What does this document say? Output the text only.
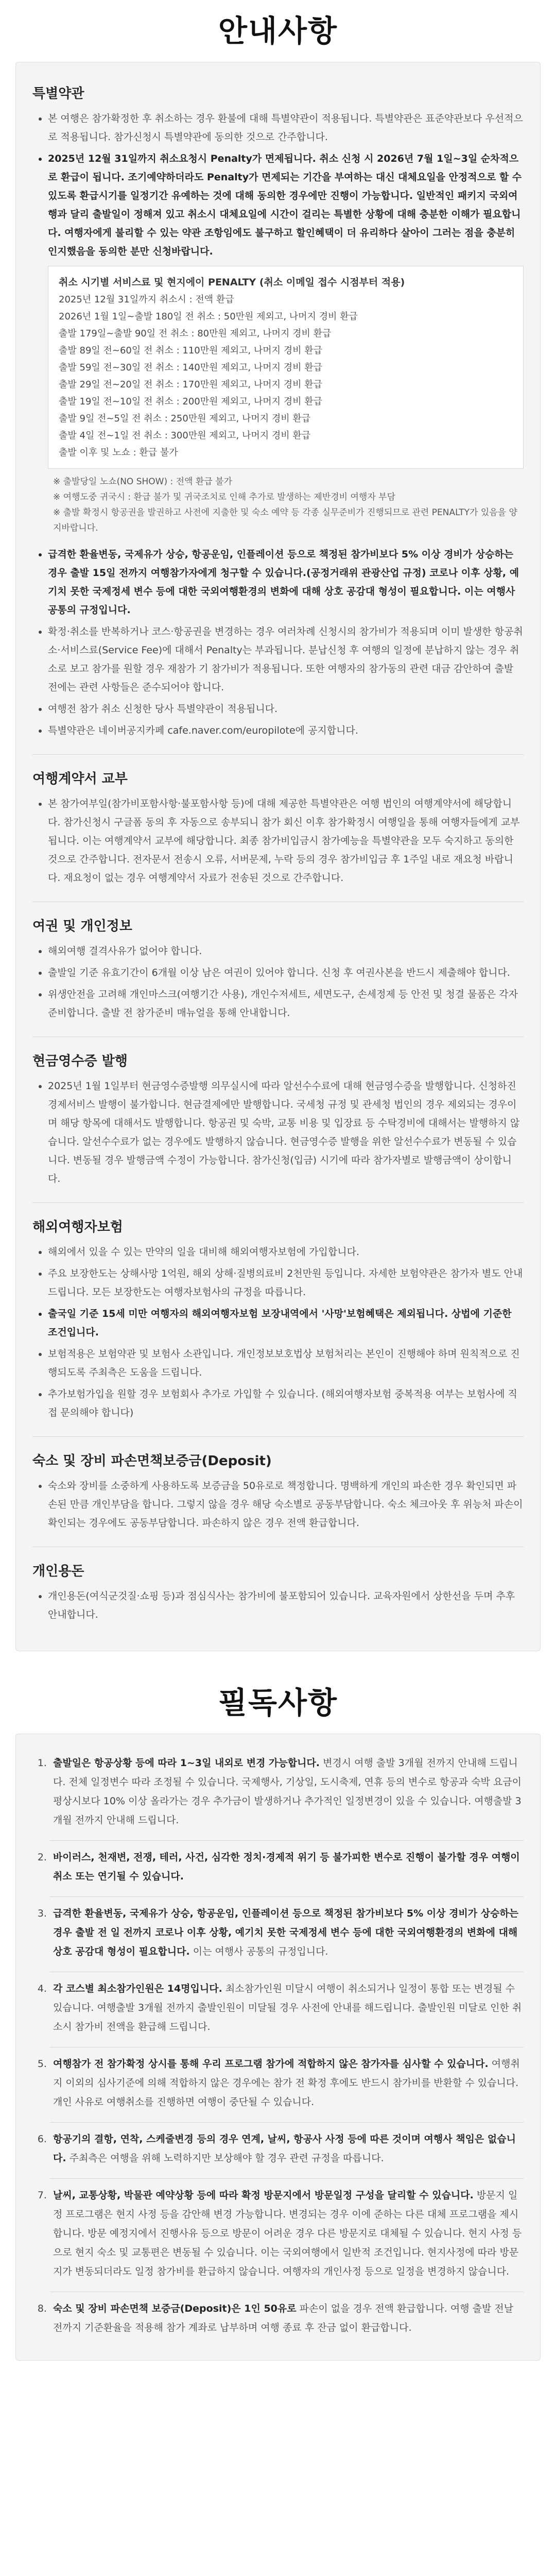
안내사항
특별약관
• 본 여행은 참가확정한 후 취소하는 경우 환불에 대해 특별약관이 적용됩니다. 특별약관은 표준약관보다 우선적으로 적용됩니다. 참가신청시 특별약관에 동의한 것으로 간주합니다.
• 2025년 12월 31일까지 취소요청시 Penalty가 면제됩니다. 취소 신청 시 2026년 7월 1일~3일 순차적으로 환급이 됩니다. 조기예약하더라도 Penalty가 면제되는 기간을 부여하는 대신 대체요일을 안정적으로 할 수 있도록 환급시기를 일정기간 유예하는 것에 대해 동의한 경우에만 진행이 가능합니다. 일반적인 패키지 국외여행과 달리 출발일이 정해져 있고 취소시 대체요일에 시간이 걸리는 특별한 상황에 대해 충분한 이해가 필요합니다. 여행자에게 불리할 수 있는 약관 조항임에도 불구하고 할인혜택이 더 유리하다 살아이 그러는 점을 충분히 인지했음을 동의한 분만 신청바랍니다.
취소 시기별 서비스료 및 현지에이 PENALTY (취소 이메일 접수 시점부터 적용)
2025년 12월 31일까지 취소시 : 전액 환급
2026년 1월 1일~출발 180일 전 취소 : 50만원 제외고, 나머지 경비 환급
출발 179일~출발 90일 전 취소 : 80만원 제외고, 나머지 경비 환급
출발 89일 전~60일 전 취소 : 110만원 제외고, 나머지 경비 환급
출발 59일 전~30일 전 취소 : 140만원 제외고, 나머지 경비 환급
출발 29일 전~20일 전 취소 : 170만원 제외고, 나머지 경비 환급
출발 19일 전~10일 전 취소 : 200만원 제외고, 나머지 경비 환급
출발 9일 전~5일 전 취소 : 250만원 제외고, 나머지 경비 환급
출발 4일 전~1일 전 취소 : 300만원 제외고, 나머지 경비 환급
출발 이후 및 노쇼 : 환급 불가
※ 출발당일 노쇼(NO SHOW) : 전액 환급 불가
※ 여행도중 귀국시 : 환급 불가 및 귀국조치로 인해 추가로 발생하는 제반경비 여행자 부담
※ 출발 확정시 항공권을 발권하고 사전에 지출한 및 숙소 예약 등 각종 실무준비가 진행되므로 관련 PENALTY가 있음을 양지바랍니다.
• 급격한 환율변동, 국제유가 상승, 항공운임, 인플레이션 등으로 책정된 참가비보다 5% 이상 경비가 상승하는 경우 출발 15일 전까지 여행참가자에게 청구할 수 있습니다.(공정거래위 관광산업 규정) 코로나 이후 상황, 예기치 못한 국제정세 변수 등에 대한 국외여행환경의 변화에 대해 상호 공감대 형성이 필요합니다. 이는 여행사 공통의 규정입니다.
• 확정·취소를 반복하거나 코스·항공권을 변경하는 경우 여러차례 신청시의 참가비가 적용되며 이미 발생한 항공취소·서비스료(Service Fee)에 대해서 Penalty는 부과됩니다. 분납신청 후 여행의 일정에 분납하지 않는 경우 취소로 보고 참가를 원할 경우 재참가 기 참가비가 적용됩니다. 또한 여행자의 참가동의 관련 대금 감안하여 출발 전에는 관련 사항들은 준수되어야 합니다.
• 여행전 참가 취소 신청한 당사 특별약관이 적용됩니다.
• 특별약관은 네이버공지카페 cafe.naver.com/europilote에 공지합니다.
여행계약서 교부
• 본 참가여부일(참가비포함사항·불포함사항 등)에 대해 제공한 특별약관은 여행 법인의 여행계약서에 해당합니다. 참가신청시 구글폼 동의 후 자동으로 송부되니 참가 회신 이후 참가확정시 여행일을 통해 여행자들에게 교부됩니다. 이는 여행계약서 교부에 해당합니다. 최종 참가비입금시 참가예능을 특별약관을 모두 숙지하고 동의한 것으로 간주합니다. 전자문서 전송시 오류, 서버문제, 누락 등의 경우 참가비입금 후 1주일 내로 재요청 바랍니다. 재요청이 없는 경우 여행계약서 자료가 전송된 것으로 간주합니다.
여권 및 개인정보
• 해외여행 결격사유가 없어야 합니다.
• 출발일 기준 유효기간이 6개월 이상 남은 여권이 있어야 합니다. 신청 후 여권사본을 반드시 제출해야 합니다.
• 위생안전을 고려해 개인마스크(여행기간 사용), 개인수저세트, 세면도구, 손세정제 등 안전 및 청결 물품은 각자 준비합니다. 출발 전 참가준비 매뉴얼을 통해 안내합니다.
현금영수증 발행
• 2025년 1월 1일부터 현금영수증발행 의무실시에 따라 알선수수료에 대해 현금영수증을 발행합니다. 신청하진 경제서비스 발행이 불가합니다. 현금결제에만 발행합니다. 국세청 규정 및 관세청 법인의 경우 제외되는 경우이며 해당 항목에 대해서도 발행합니다. 항공권 및 숙박, 교통 비용 및 입장료 등 수탁경비에 대해서는 발행하지 않습니다. 알선수수료가 없는 경우에도 발행하지 않습니다. 현금영수증 발행을 위한 알선수수료가 변동될 수 있습니다. 변동될 경우 발행금액 수정이 가능합니다. 참가신청(입금) 시기에 따라 참가자별로 발행금액이 상이합니다.
해외여행자보험
• 해외에서 있을 수 있는 만약의 일을 대비해 해외여행자보험에 가입합니다.
• 주요 보장한도는 상해사망 1억원, 해외 상해·질병의료비 2천만원 등입니다. 자세한 보험약관은 참가자 별도 안내드립니다. 모든 보장한도는 여행자보험사의 규정을 따릅니다.
• 출국일 기준 15세 미만 여행자의 해외여행자보험 보장내역에서 '사망'보험혜택은 제외됩니다. 상법에 기준한 조건입니다.
• 보험적용은 보험약관 및 보험사 소관입니다. 개인정보보호법상 보험처리는 본인이 진행해야 하며 원칙적으로 진행되도록 주최측은 도움을 드립니다.
• 추가보험가입을 원할 경우 보험회사 추가로 가입할 수 있습니다. (해외여행자보험 중복적용 여부는 보험사에 직접 문의해야 합니다)
숙소 및 장비 파손면책보증금(Deposit)
• 숙소와 장비를 소중하게 사용하도록 보증금을 50유로로 책정합니다. 명백하게 개인의 파손한 경우 확인되면 파손된 만큼 개인부담을 합니다. 그렇지 않을 경우 해당 숙소별로 공동부담합니다. 숙소 체크아웃 후 위능처 파손이 확인되는 경우에도 공동부담합니다. 파손하지 않은 경우 전액 환급합니다.
개인용돈
• 개인용돈(여식군것질·쇼핑 등)과 점심식사는 참가비에 불포함되어 있습니다. 교육자원에서 상한선을 두며 추후 안내합니다.
필독사항
1. 출발일은 항공상황 등에 따라 1~3일 내외로 변경 가능합니다. 변경시 여행 출발 3개월 전까지 안내해 드립니다. 전체 일정변수 따라 조정될 수 있습니다. 국제행사, 기상일, 도시축제, 연휴 등의 변수로 항공과 숙박 요금이 평상시보다 10% 이상 올라가는 경우 추가금이 발생하거나 추가적인 일정변경이 있을 수 있습니다. 여행출발 3개월 전까지 안내해 드립니다.
2. 바이러스, 천재변, 전쟁, 테러, 사건, 심각한 정치·경제적 위기 등 불가피한 변수로 진행이 불가할 경우 여행이 취소 또는 연기될 수 있습니다.
3. 급격한 환율변동, 국제유가 상승, 항공운임, 인플레이션 등으로 책정된 참가비보다 5% 이상 경비가 상승하는 경우 출발 전 일 전까지 코로나 이후 상황, 예기치 못한 국제정세 변수 등에 대한 국외여행환경의 변화에 대해 상호 공감대 형성이 필요합니다. 이는 여행사 공통의 규정입니다.
4. 각 코스별 최소참가인원은 14명입니다. 최소참가인원 미달시 여행이 취소되거나 일정이 통합 또는 변경될 수 있습니다. 여행출발 3개월 전까지 출발인원이 미달될 경우 사전에 안내를 해드립니다. 출발인원 미달로 인한 취소시 참가비 전액을 환급해 드립니다.
5. 여행참가 전 참가확정 상시를 통해 우리 프로그램 참가에 적합하지 않은 참가자를 심사할 수 있습니다. 여행취지 이외의 심사기준에 의해 적합하지 않은 경우에는 참가 전 확정 후에도 반드시 참가비를 반환할 수 있습니다. 개인 사유로 여행취소를 진행하면 여행이 중단될 수 있습니다.
6. 항공기의 결항, 연착, 스케줄변경 등의 경우 연계, 날씨, 항공사 사정 등에 따른 것이며 여행사 책임은 없습니다. 주최측은 여행을 위해 노력하지만 보상해야 할 경우 관련 규정을 따릅니다.
7. 날씨, 교통상황, 박물관 예약상황 등에 따라 확정 방문지에서 방문일정 구성을 달리할 수 있습니다. 방문지 일정 프로그램은 현지 사정 등을 감안해 변경 가능합니다. 변경되는 경우 이에 준하는 다른 대체 프로그램을 제시합니다. 방문 예정지에서 진행사유 등으로 방문이 어려운 경우 다른 방문지로 대체될 수 있습니다. 현지 사정 등으로 현지 숙소 및 교통편은 변동될 수 있습니다. 이는 국외여행에서 일반적 조건입니다. 현지사정에 따라 방문지가 변동되더라도 일정 참가비를 환급하지 않습니다. 여행자의 개인사정 등으로 일정을 변경하지 않습니다.
8. 숙소 및 장비 파손면책 보증금(Deposit)은 1인 50유로 파손이 없을 경우 전액 환급합니다. 여행 출발 전날 전까지 기준환율을 적용해 참가 계좌로 납부하며 여행 종료 후 잔금 없이 환급합니다.
